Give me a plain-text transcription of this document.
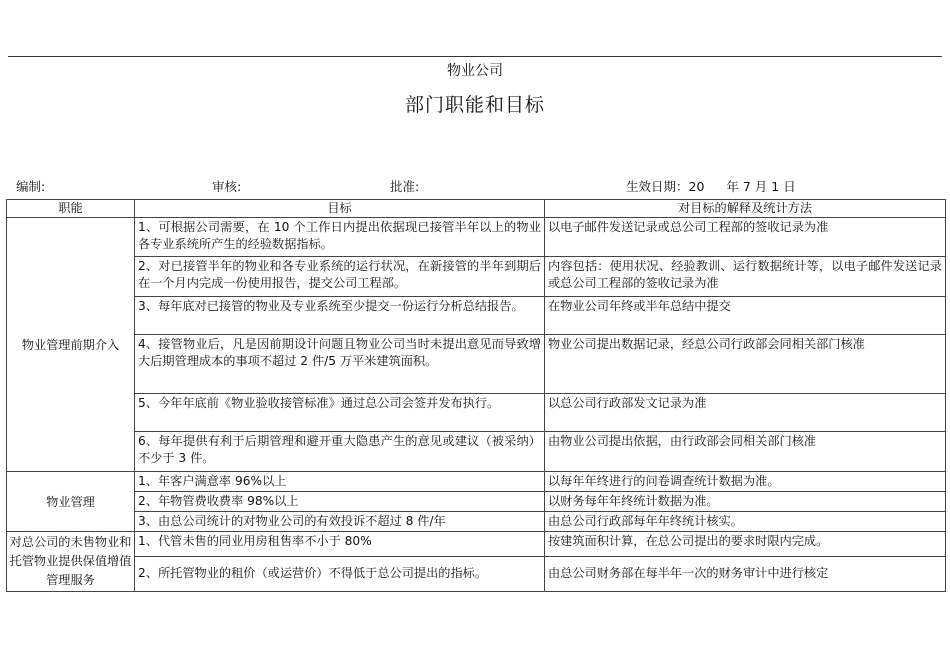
物业公司
部门职能和目标
编制:	审核:	批准:	生效日期：20 年 7 月 1 日
职能	目标	对目标的解释及统计方法
物业管理前期介入	1、可根据公司需要，在 10 个工作日内提出依据现已接管半年以上的物业各专业系统所产生的经验数据指标。	以电子邮件发送记录或总公司工程部的签收记录为准
	2、对已接管半年的物业和各专业系统的运行状况，在新接管的半年到期后在一个月内完成一份使用报告，提交公司工程部。	内容包括：使用状况、经验教训、运行数据统计等，以电子邮件发送记录或总公司工程部的签收记录为准
	3、每年底对已接管的物业及专业系统至少提交一份运行分析总结报告。	在物业公司年终或半年总结中提交
	4、接管物业后，凡是因前期设计问题且物业公司当时未提出意见而导致增大后期管理成本的事项不超过 2 件/5 万平米建筑面积。	物业公司提出数据记录，经总公司行政部会同相关部门核准
	5、今年年底前《物业验收接管标准》通过总公司会签并发布执行。	以总公司行政部发文记录为准
	6、每年提供有利于后期管理和避开重大隐患产生的意见或建议（被采纳）不少于 3 件。	由物业公司提出依据，由行政部会同相关部门核准
物业管理	1、年客户满意率 96%以上	以每年年终进行的问卷调查统计数据为准。
	2、年物管费收费率 98%以上	以财务每年年终统计数据为准。
	3、由总公司统计的对物业公司的有效投诉不超过 8 件/年	由总公司行政部每年年终统计核实。
对总公司的未售物业和托管物业提供保值增值管理服务	1、代管未售的同业用房租售率不小于 80%	按建筑面积计算，在总公司提出的要求时限内完成。

	2、所托管物业的租价（或运营价）不得低于总公司提出的指标。	由总公司财务部在每半年一次的财务审计中进行核定
